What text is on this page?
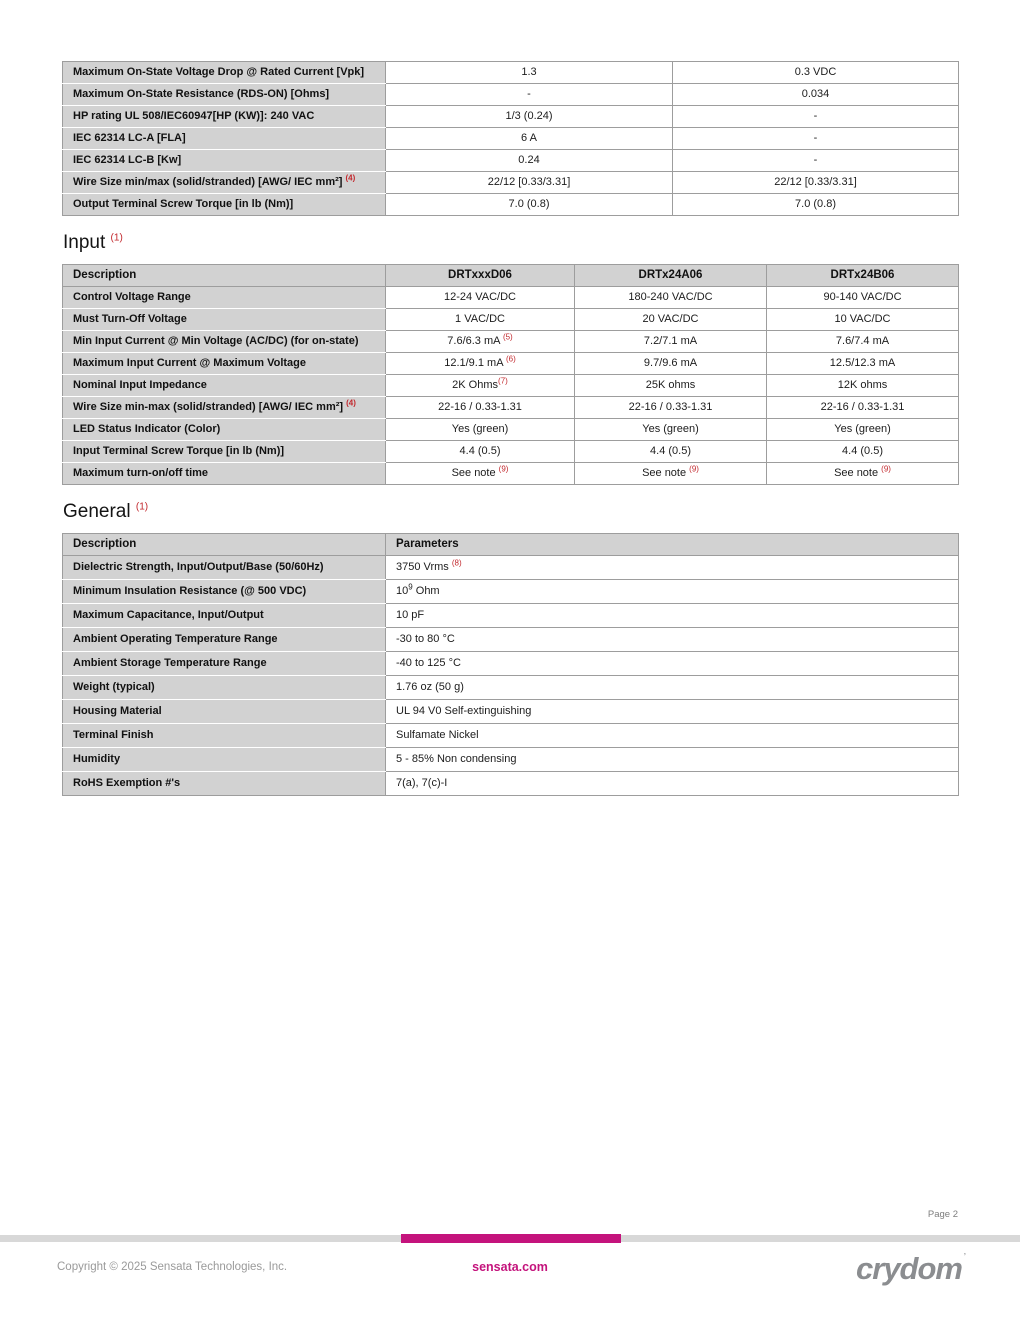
Maximum On-State Voltage Drop @ Rated Current [Vpk]	1.3	0.3 VDC
Maximum On-State Resistance (RDS-ON) [Ohms]	-	0.034
HP rating UL 508/IEC60947[HP (KW)]: 240 VAC	1/3 (0.24)	-
IEC 62314 LC-A [FLA]	6 A	-
IEC 62314 LC-B [Kw]	0.24	-
Wire Size min/max (solid/stranded) [AWG/ IEC mm²] $^{(4)}$	22/12 [0.33/3.31]	22/12 [0.33/3.31]
Output Terminal Screw Torque [in lb (Nm)]	7.0 (0.8)	7.0 (0.8)
Input $^{(1)}$
Description	DRTxxxD06	DRTx24A06	DRTx24B06
Control Voltage Range	12-24 VAC/DC	180-240 VAC/DC	90-140 VAC/DC
Must Turn-Off Voltage	1 VAC/DC	20 VAC/DC	10 VAC/DC
Min Input Current @ Min Voltage (AC/DC) (for on-state)	7.6/6.3 mA $^{(5)}$	7.2/7.1 mA	7.6/7.4 mA
Maximum Input Current @ Maximum Voltage	12.1/9.1 mA $^{(6)}$	9.7/9.6 mA	12.5/12.3 mA
Nominal Input Impedance	2K Ohms$^{(7)}$	25K ohms	12K ohms
Wire Size min-max (solid/stranded) [AWG/ IEC mm²] $^{(4)}$	22-16 / 0.33-1.31	22-16 / 0.33-1.31	22-16 / 0.33-1.31
LED Status Indicator (Color)	Yes (green)	Yes (green)	Yes (green)
Input Terminal Screw Torque [in lb (Nm)]	4.4 (0.5)	4.4 (0.5)	4.4 (0.5)
Maximum turn-on/off time	See note $^{(9)}$	See note $^{(9)}$	See note $^{(9)}$
General $^{(1)}$
Description	Parameters
Dielectric Strength, Input/Output/Base (50/60Hz)	3750 Vrms $^{(8)}$
Minimum Insulation Resistance (@ 500 VDC)	$10^9$ Ohm
Maximum Capacitance, Input/Output	10 pF
Ambient Operating Temperature Range	-30 to 80 °C
Ambient Storage Temperature Range	-40 to 125 °C
Weight (typical)	1.76 oz (50 g)
Housing Material	UL 94 V0 Self-extinguishing
Terminal Finish	Sulfamate Nickel
Humidity	5 - 85% Non condensing
RoHS Exemption #'s	7(a), 7(c)-I
Page 2
Copyright © 2025 Sensata Technologies, Inc.	sensata.com	crydom ’
